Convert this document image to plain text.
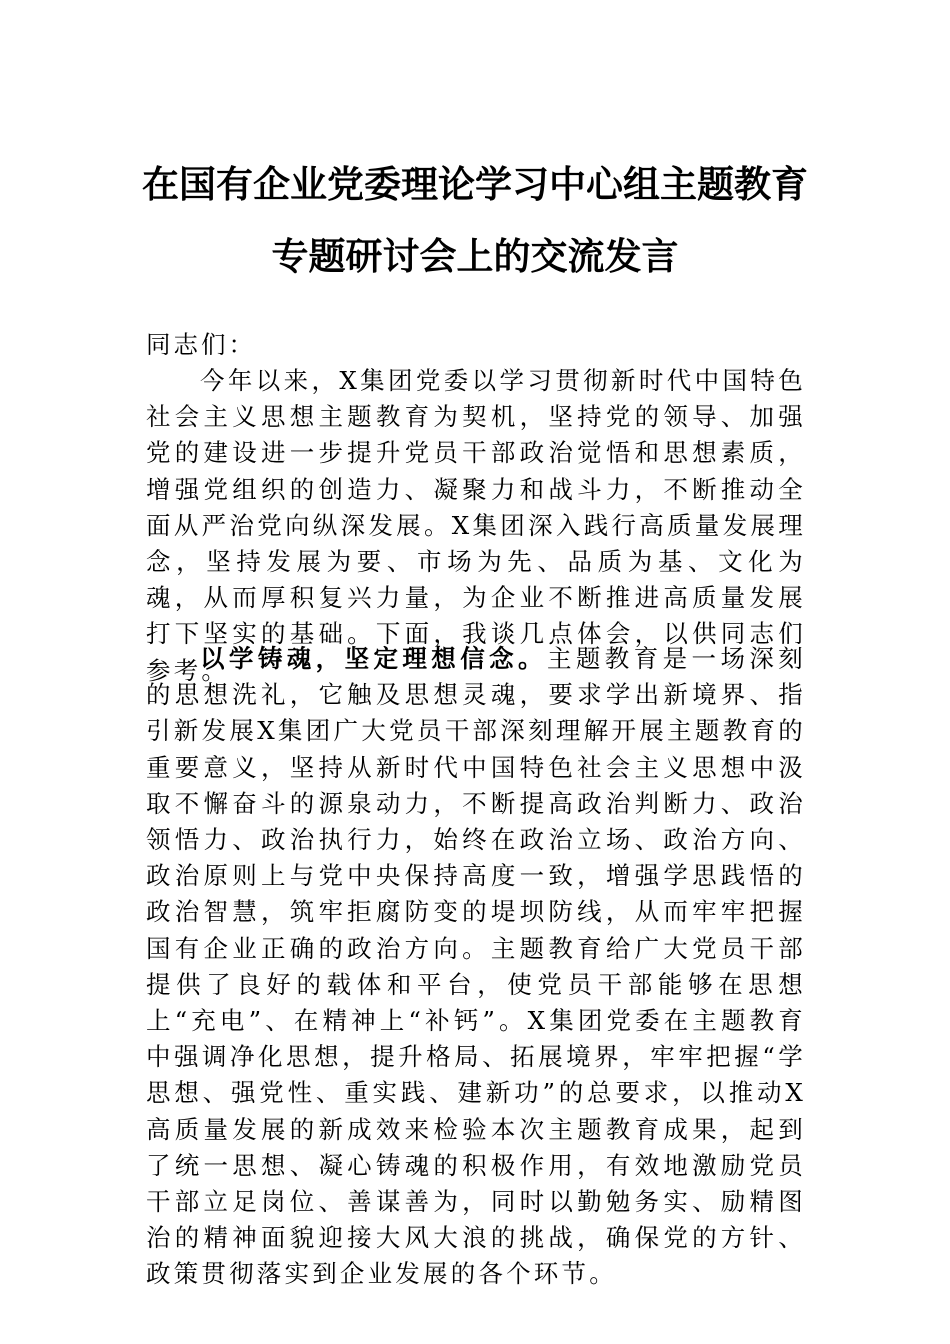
在国有企业党委理论学习中心组主题教育
专题研讨会上的交流发言

同志们：

今年以来，X集团党委以学习贯彻新时代中国特色社会主义思想主题教育为契机，坚持党的领导、加强党的建设进一步提升党员干部政治觉悟和思想素质，增强党组织的创造力、凝聚力和战斗力，不断推动全面从严治党向纵深发展。X集团深入践行高质量发展理念，坚持发展为要、市场为先、品质为基、文化为魂，从而厚积复兴力量，为企业不断推进高质量发展打下坚实的基础。下面，我谈几点体会，以供同志们参考。

以学铸魂，坚定理想信念。主题教育是一场深刻的思想洗礼，它触及思想灵魂，要求学出新境界、指引新发展X集团广大党员干部深刻理解开展主题教育的重要意义，坚持从新时代中国特色社会主义思想中汲取不懈奋斗的源泉动力，不断提高政治判断力、政治领悟力、政治执行力，始终在政治立场、政治方向、政治原则上与党中央保持高度一致，增强学思践悟的政治智慧，筑牢拒腐防变的堤坝防线，从而牢牢把握国有企业正确的政治方向。主题教育给广大党员干部提供了良好的载体和平台，使党员干部能够在思想上“充电”、在精神上“补钙”。X集团党委在主题教育中强调净化思想，提升格局、拓展境界，牢牢把握“学思想、强党性、重实践、建新功”的总要求，以推动X高质量发展的新成效来检验本次主题教育成果，起到了统一思想、凝心铸魂的积极作用，有效地激励党员干部立足岗位、善谋善为，同时以勤勉务实、励精图治的精神面貌迎接大风大浪的挑战，确保党的方针、政策贯彻落实到企业发展的各个环节。
